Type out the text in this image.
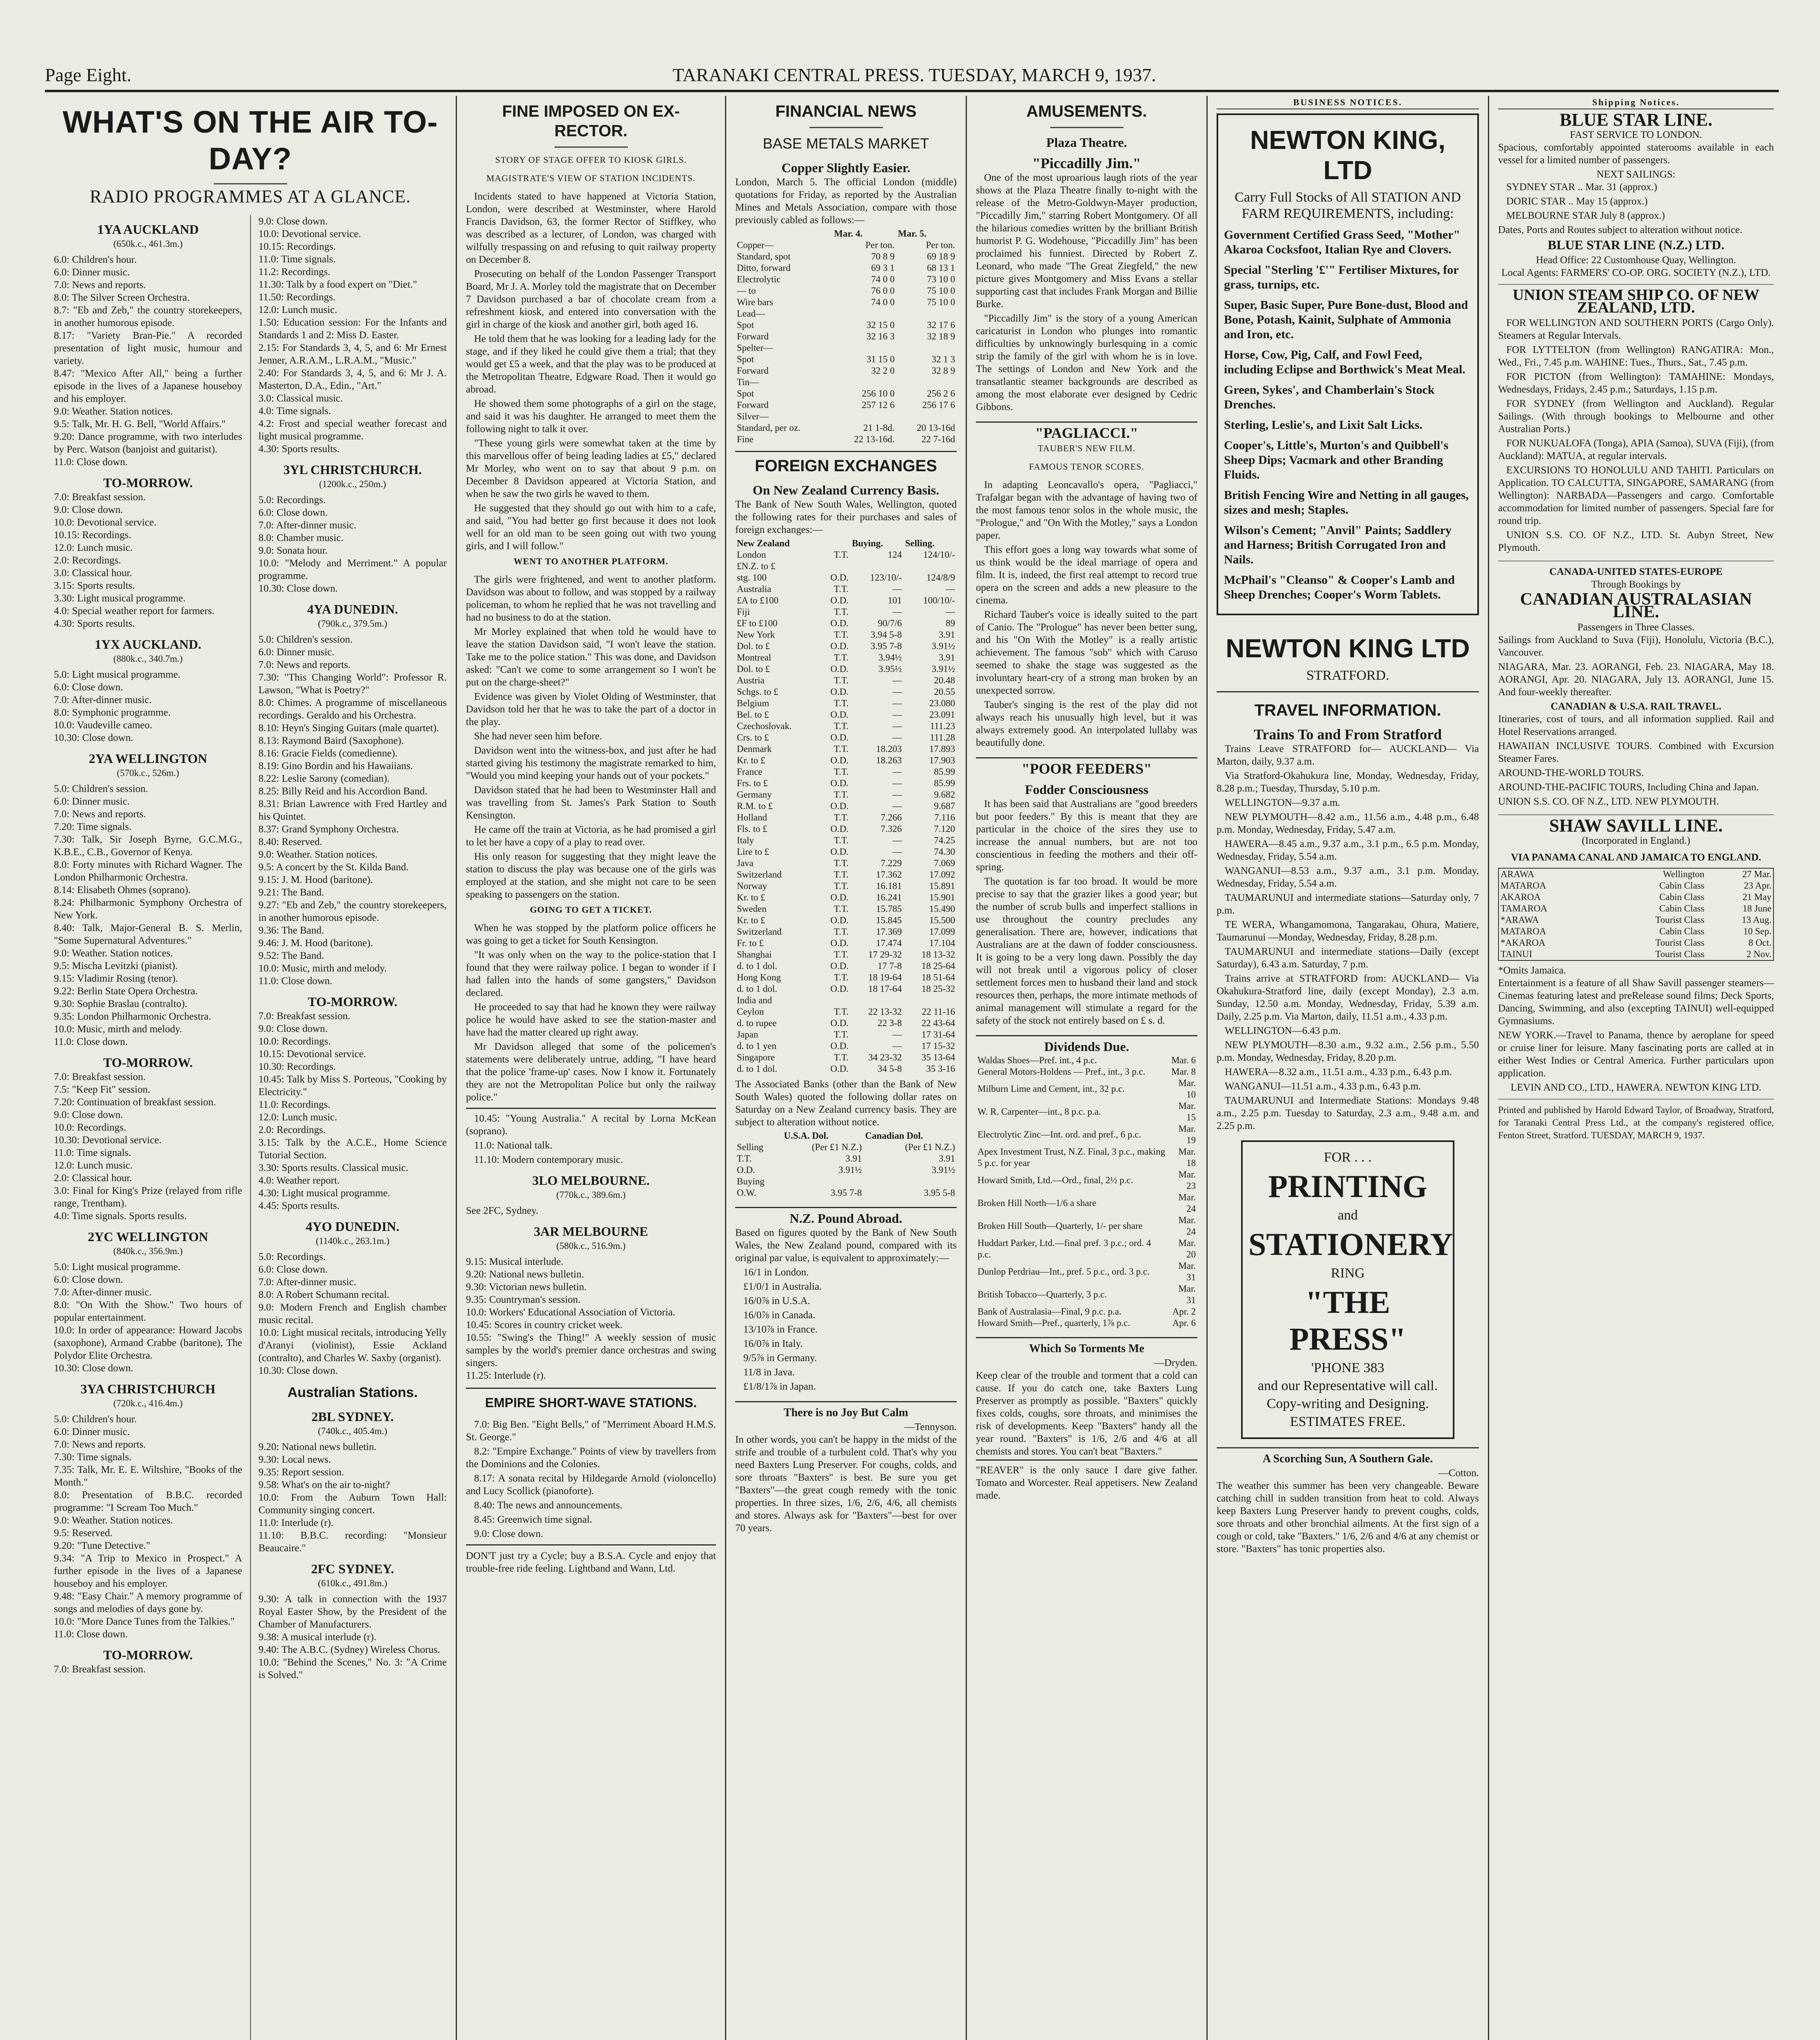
Page Eight.	TARANAKI CENTRAL PRESS. TUESDAY, MARCH 9, 1937.
WHAT'S ON THE AIR TO-DAY?
RADIO PROGRAMMES AT A GLANCE.
1YA AUCKLAND
(650k.c., 461.3m.)

6.0: Children's hour.

6.0: Dinner music.

7.0: News and reports.

8.0: The Silver Screen Orchestra.

8.7: "Eb and Zeb," the country storekeepers, in another humorous episode.

8.17: "Variety Bran-Pie." A recorded presentation of light music, humour and variety.

8.47: "Mexico After All," being a further episode in the lives of a Japanese houseboy and his employer.

9.0: Weather. Station notices.

9.5: Talk, Mr. H. G. Bell, "World Affairs."

9.20: Dance programme, with two interludes by Perc. Watson (banjoist and guitarist).

11.0: Close down.

TO-MORROW.

7.0: Breakfast session.

9.0: Close down.

10.0: Devotional service.

10.15: Recordings.

12.0: Lunch music.

2.0: Recordings.

3.0: Classical hour.

3.15: Sports results.

3.30: Light musical programme.

4.0: Special weather report for farmers.

4.30: Sports results.

1YX AUCKLAND.
(880k.c., 340.7m.)

5.0: Light musical programme.

6.0: Close down.

7.0: After-dinner music.

8.0: Symphonic programme.

10.0: Vaudeville cameo.

10.30: Close down.

2YA WELLINGTON
(570k.c., 526m.)

5.0: Children's session.

6.0: Dinner music.

7.0: News and reports.

7.20: Time signals.

7.30: Talk, Sir Joseph Byrne, G.C.M.G., K.B.E., C.B., Governor of Kenya.

8.0: Forty minutes with Richard Wagner. The London Philharmonic Orchestra.

8.14: Elisabeth Ohmes (soprano).

8.24: Philharmonic Symphony Orchestra of New York.

8.40: Talk, Major-General B. S. Merlin, "Some Supernatural Adventures."

9.0: Weather. Station notices.

9.5: Mischa Levitzki (pianist).

9.15: Vladimir Rosing (tenor).

9.22: Berlin State Opera Orchestra.

9.30: Sophie Braslau (contralto).

9.35: London Philharmonic Orchestra.

10.0: Music, mirth and melody.

11.0: Close down.

TO-MORROW.

7.0: Breakfast session.

7.5: "Keep Fit" session.

7.20: Continuation of breakfast session.

9.0: Close down.

10.0: Recordings.

10.30: Devotional service.

11.0: Time signals.

12.0: Lunch music.

2.0: Classical hour.

3.0: Final for King's Prize (relayed from rifle range, Trentham).

4.0: Time signals. Sports results.

2YC WELLINGTON
(840k.c., 356.9m.)

5.0: Light musical programme.

6.0: Close down.

7.0: After-dinner music.

8.0: "On With the Show." Two hours of popular entertainment.

10.0: In order of appearance: Howard Jacobs (saxophone), Armand Crabbe (baritone), The Polydor Elite Orchestra.

10.30: Close down.

3YA CHRISTCHURCH
(720k.c., 416.4m.)

5.0: Children's hour.

6.0: Dinner music.

7.0: News and reports.

7.30: Time signals.

7.35: Talk, Mr. E. E. Wiltshire, "Books of the Month."

8.0: Presentation of B.B.C. recorded programme: "I Scream Too Much."

9.0: Weather. Station notices.

9.5: Reserved.

9.20: "Tune Detective."

9.34: "A Trip to Mexico in Prospect." A further episode in the lives of a Japanese houseboy and his employer.

9.48: "Easy Chair." A memory programme of songs and melodies of days gone by.

10.0: "More Dance Tunes from the Talkies."

11.0: Close down.

TO-MORROW.

7.0: Breakfast session.

9.0: Close down.

10.0: Devotional service.

10.15: Recordings.

11.0: Time signals.

11.2: Recordings.

11.30: Talk by a food expert on "Diet."

11.50: Recordings.

12.0: Lunch music.

1.50: Education session: For the Infants and Standards 1 and 2: Miss D. Easter.

2.15: For Standards 3, 4, 5, and 6: Mr Ernest Jenner, A.R.A.M., L.R.A.M., "Music."

2.40: For Standards 3, 4, 5, and 6: Mr J. A. Masterton, D.A., Edin., "Art."

3.0: Classical music.

4.0: Time signals.

4.2: Frost and special weather forecast and light musical programme.

4.30: Sports results.

3YL CHRISTCHURCH.
(1200k.c., 250m.)

5.0: Recordings.

6.0: Close down.

7.0: After-dinner music.

8.0: Chamber music.

9.0: Sonata hour.

10.0: "Melody and Merriment." A popular programme.

10.30: Close down.

4YA DUNEDIN.
(790k.c., 379.5m.)

5.0: Children's session.

6.0: Dinner music.

7.0: News and reports.

7.30: "This Changing World": Professor R. Lawson, "What is Poetry?"

8.0: Chimes. A programme of miscellaneous recordings. Geraldo and his Orchestra.

8.10: Heyn's Singing Guitars (male quartet).

8.13: Raymond Baird (Saxophone).

8.16: Gracie Fields (comedienne).

8.19: Gino Bordin and his Hawaiians.

8.22: Leslie Sarony (comedian).

8.25: Billy Reid and his Accordion Band.

8.31: Brian Lawrence with Fred Hartley and his Quintet.

8.37: Grand Symphony Orchestra.

8.40: Reserved.

9.0: Weather. Station notices.

9.5: A concert by the St. Kilda Band.

9.15: J. M. Hood (baritone).

9.21: The Band.

9.27: "Eb and Zeb," the country storekeepers, in another humorous episode.

9.36: The Band.

9.46: J. M. Hood (baritone).

9.52: The Band.

10.0: Music, mirth and melody.

11.0: Close down.

TO-MORROW.

7.0: Breakfast session.

9.0: Close down.

10.0: Recordings.

10.15: Devotional service.

10.30: Recordings.

10.45: Talk by Miss S. Porteous, "Cooking by Electricity."

11.0: Recordings.

12.0: Lunch music.

2.0: Recordings.

3.15: Talk by the A.C.E., Home Science Tutorial Section.

3.30: Sports results. Classical music.

4.0: Weather report.

4.30: Light musical programme.

4.45: Sports results.

4YO DUNEDIN.
(1140k.c., 263.1m.)

5.0: Recordings.

6.0: Close down.

7.0: After-dinner music.

8.0: A Robert Schumann recital.

9.0: Modern French and English chamber music recital.

10.0: Light musical recitals, introducing Yelly d'Aranyi (violinist), Essie Ackland (contralto), and Charles W. Saxby (organist).

10.30: Close down.

Australian Stations.
2BL SYDNEY.
(740k.c., 405.4m.)

9.20: National news bulletin.

9.30: Local news.

9.35: Report session.

9.58: What's on the air to-night?

10.0: From the Auburn Town Hall: Community singing concert.

11.0: Interlude (r).

11.10: B.B.C. recording: "Monsieur Beaucaire."

2FC SYDNEY.
(610k.c., 491.8m.)

9.30: A talk in connection with the 1937 Royal Easter Show, by the President of the Chamber of Manufacturers.

9.38: A musical interlude (r).

9.40: The A.B.C. (Sydney) Wireless Chorus.

10.0: "Behind the Scenes," No. 3: "A Crime is Solved."

FINE IMPOSED ON EX-RECTOR.
STORY OF STAGE OFFER TO KIOSK GIRLS.
MAGISTRATE'S VIEW OF STATION INCIDENTS.

Incidents stated to have happened at Victoria Station, London, were described at Westminster, where Harold Francis Davidson, 63, the former Rector of Stiffkey, who was described as a lecturer, of London, was charged with wilfully trespassing on and refusing to quit railway property on December 8.

Prosecuting on behalf of the London Passenger Transport Board, Mr J. A. Morley told the magistrate that on December 7 Davidson purchased a bar of chocolate cream from a refreshment kiosk, and entered into conversation with the girl in charge of the kiosk and another girl, both aged 16.

He told them that he was looking for a leading lady for the stage, and if they liked he could give them a trial; that they would get £5 a week, and that the play was to be produced at the Metropolitan Theatre, Edgware Road. Then it would go abroad.

He showed them some photographs of a girl on the stage, and said it was his daughter. He arranged to meet them the following night to talk it over.

"These young girls were somewhat taken at the time by this marvellous offer of being leading ladies at £5," declared Mr Morley, who went on to say that about 9 p.m. on December 8 Davidson appeared at Victoria Station, and when he saw the two girls he waved to them.

He suggested that they should go out with him to a cafe, and said, "You had better go first because it does not look well for an old man to be seen going out with two young girls, and I will follow."

WENT TO ANOTHER PLATFORM.

The girls were frightened, and went to another platform. Davidson was about to follow, and was stopped by a railway policeman, to whom he replied that he was not travelling and had no business to do at the station.

Mr Morley explained that when told he would have to leave the station Davidson said, "I won't leave the station. Take me to the police station." This was done, and Davidson asked: "Can't we come to some arrangement so I won't be put on the charge-sheet?"

Evidence was given by Violet Olding of Westminster, that Davidson told her that he was to take the part of a doctor in the play.

She had never seen him before.

Davidson went into the witness-box, and just after he had started giving his testimony the magistrate remarked to him, "Would you mind keeping your hands out of your pockets."

Davidson stated that he had been to Westminster Hall and was travelling from St. James's Park Station to South Kensington.

He came off the train at Victoria, as he had promised a girl to let her have a copy of a play to read over.

His only reason for suggesting that they might leave the station to discuss the play was because one of the girls was employed at the station, and she might not care to be seen speaking to passengers on the station.

GOING TO GET A TICKET.

When he was stopped by the platform police officers he was going to get a ticket for South Kensington.

"It was only when on the way to the police-station that I found that they were railway police. I began to wonder if I had fallen into the hands of some gangsters," Davidson declared.

He proceeded to say that had he known they were railway police he would have asked to see the station-master and have had the matter cleared up right away.

Mr Davidson alleged that some of the policemen's statements were deliberately untrue, adding, "I have heard that the police 'frame-up' cases. Now I know it. Fortunately they are not the Metropolitan Police but only the railway police."

10.45: "Young Australia." A recital by Lorna McKean (soprano).

11.0: National talk.

11.10: Modern contemporary music.

3LO MELBOURNE.
(770k.c., 389.6m.)

See 2FC, Sydney.

3AR MELBOURNE
(580k.c., 516.9m.)

9.15: Musical interlude.

9.20: National news bulletin.

9.30: Victorian news bulletin.

9.35: Countryman's session.

10.0: Workers' Educational Association of Victoria.

10.45: Scores in country cricket week.

10.55: "Swing's the Thing!" A weekly session of music samples by the world's premier dance orchestras and swing singers.

11.25: Interlude (r).

EMPIRE SHORT-WAVE STATIONS.

7.0: Big Ben. "Eight Bells," of "Merriment Aboard H.M.S. St. George."

8.2: "Empire Exchange." Points of view by travellers from the Dominions and the Colonies.

8.17: A sonata recital by Hildegarde Arnold (violoncello) and Lucy Scollick (pianoforte).

8.40: The news and announcements.

8.45: Greenwich time signal.

9.0: Close down.

DON'T just try a Cycle; buy a B.S.A. Cycle and enjoy that trouble-free ride feeling. Lightband and Wann, Ltd.

FINANCIAL NEWS
BASE METALS MARKET
Copper Slightly Easier.

London, March 5. The official London (middle) quotations for Friday, as reported by the Australian Mines and Metals Association, compare with those previously cabled as follows:—

	Mar. 4.	Mar. 5.
Copper—	Per ton.	Per ton.
Standard, spot	70 8 9	69 18 9
Ditto, forward	69 3 1	68 13 1
Electrolytic	74 0 0	73 10 0
— to	76 0 0	75 10 0
Wire bars	74 0 0	75 10 0
Lead—		
Spot	32 15 0	32 17 6
Forward	32 16 3	32 18 9
Spelter—		
Spot	31 15 0	32 1 3
Forward	32 2 0	32 8 9
Tin—		
Spot	256 10 0	256 2 6
Forward	257 12 6	256 17 6
Silver—		
Standard, per oz.	21 1-8d.	20 13-16d
Fine	22 13-16d.	22 7-16d
FOREIGN EXCHANGES
On New Zealand Currency Basis.

The Bank of New South Wales, Wellington, quoted the following rates for their purchases and sales of foreign exchanges:—

New Zealand		Buying.	Selling.
London	T.T.	124	124/10/-
£N.Z. to £			
stg. 100	O.D.	123/10/-	124/8/9
Australia	T.T.	—	—
£A to £100	O.D.	101	100/10/-
Fiji	T.T.	—	—
£F to £100	O.D.	90/7/6	89
New York	T.T.	3.94 5-8	3.91
Dol. to £	O.D.	3.95 7-8	3.91½
Montreal	T.T.	3.94½	3.91
Dol. to £	O.D.	3.95½	3.91½
Austria	T.T.	—	20.48
Schgs. to £	O.D.	—	20.55
Belgium	T.T.	—	23.080
Bel. to £	O.D.	—	23.091
Czechoslovak.	T.T.	—	111.23
Crs. to £	O.D.	—	111.28
Denmark	T.T.	18.203	17.893
Kr. to £	O.D.	18.263	17.903
France	T.T.	—	85.99
Frs. to £	O.D.	—	85.99
Germany	T.T.	—	9.682
R.M. to £	O.D.	—	9.687
Holland	T.T.	7.266	7.116
Fls. to £	O.D.	7.326	7.120
Italy	T.T.	—	74.25
Lire to £	O.D.	—	74.30
Java	T.T.	7.229	7.069
Switzerland	T.T.	17.362	17.092
Norway	T.T.	16.181	15.891
Kr. to £	O.D.	16.241	15.901
Sweden	T.T.	15.785	15.490
Kr. to £	O.D.	15.845	15.500
Switzerland	T.T.	17.369	17.099
Fr. to £	O.D.	17.474	17.104
Shanghai	T.T.	17 29-32	18 13-32
d. to 1 dol.	O.D.	17 7-8	18 25-64
Hong Kong	T.T.	18 19-64	18 51-64
d. to 1 dol.	O.D.	18 17-64	18 25-32
India and			
Ceylon	T.T.	22 13-32	22 11-16
d. to rupee	O.D.	22 3-8	22 43-64
Japan	T.T.	—	17 31-64
d. to 1 yen	O.D.	—	17 15-32
Singapore	T.T.	34 23-32	35 13-64
d. to 1 dol.	O.D.	34 5-8	35 3-16

The Associated Banks (other than the Bank of New South Wales) quoted the following dollar rates on Saturday on a New Zealand currency basis. They are subject to alteration without notice.

	U.S.A. Dol.	Canadian Dol.
Selling	(Per £1 N.Z.)	(Per £1 N.Z.)
T.T.	3.91	3.91
O.D.	3.91½	3.91½
Buying		
O.W.	3.95 7-8	3.95 5-8
N.Z. Pound Abroad.

Based on figures quoted by the Bank of New South Wales, the New Zealand pound, compared with its original par value, is equivalent to approximately:—

16/1 in London.

£1/0/1 in Australia.

16/0⅞ in U.S.A.

16/0⅞ in Canada.

13/10⅞ in France.

16/0⅞ in Italy.

9/5⅞ in Germany.

11/8 in Java.

£1/8/1⅞ in Japan.

There is no Joy But Calm
—Tennyson.

In other words, you can't be happy in the midst of the strife and trouble of a turbulent cold. That's why you need Baxters Lung Preserver. For coughs, colds, and sore throats "Baxters" is best. Be sure you get "Baxters"—the great cough remedy with the tonic properties. In three sizes, 1/6, 2/6, 4/6, all chemists and stores. Always ask for "Baxters"—best for over 70 years.

AMUSEMENTS.
Plaza Theatre.
"Piccadilly Jim."

One of the most uproarious laugh riots of the year shows at the Plaza Theatre finally to-night with the release of the Metro-Goldwyn-Mayer production, "Piccadilly Jim," starring Robert Montgomery. Of all the hilarious comedies written by the brilliant British humorist P. G. Wodehouse, "Piccadilly Jim" has been proclaimed his funniest. Directed by Robert Z. Leonard, who made "The Great Ziegfeld," the new picture gives Montgomery and Miss Evans a stellar supporting cast that includes Frank Morgan and Billie Burke.

"Piccadilly Jim" is the story of a young American caricaturist in London who plunges into romantic difficulties by unknowingly burlesquing in a comic strip the family of the girl with whom he is in love. The settings of London and New York and the transatlantic steamer backgrounds are described as among the most elaborate ever designed by Cedric Gibbons.

"PAGLIACCI."
TAUBER'S NEW FILM.
FAMOUS TENOR SCORES.

In adapting Leoncavallo's opera, "Pagliacci," Trafalgar began with the advantage of having two of the most famous tenor solos in the whole music, the "Prologue," and "On With the Motley," says a London paper.

This effort goes a long way towards what some of us think would be the ideal marriage of opera and film. It is, indeed, the first real attempt to record true opera on the screen and adds a new pleasure to the cinema.

Richard Tauber's voice is ideally suited to the part of Canio. The "Prologue" has never been better sung, and his "On With the Motley" is a really artistic achievement. The famous "sob" which with Caruso seemed to shake the stage was suggested as the involuntary heart-cry of a strong man broken by an unexpected sorrow.

Tauber's singing is the rest of the play did not always reach his unusually high level, but it was always extremely good. An interpolated lullaby was beautifully done.

"POOR FEEDERS"
Fodder Consciousness

It has been said that Australians are "good breeders but poor feeders." By this is meant that they are particular in the choice of the sires they use to increase the annual numbers, but are not too conscientious in feeding the mothers and their off-spring.

The quotation is far too broad. It would be more precise to say that the grazier likes a good year; but the number of scrub bulls and imperfect stallions in use throughout the country precludes any generalisation. There are, however, indications that Australians are at the dawn of fodder consciousness. It is going to be a very long dawn. Possibly the day will not break until a vigorous policy of closer settlement forces men to husband their land and stock resources then, perhaps, the more intimate methods of animal management will stimulate a regard for the safety of the stock not entirely based on £ s. d.

Dividends Due.
Waldas Shoes—Pref. int., 4 p.c.	Mar. 6
General Motors-Holdens — Pref., int., 3 p.c.	Mar. 8
Milburn Lime and Cement, int., 32 p.c.	Mar. 10
W. R. Carpenter—int., 8 p.c. p.a.	Mar. 15
Electrolytic Zinc—Int. ord. and pref., 6 p.c.	Mar. 19
Apex Investment Trust, N.Z. Final, 3 p.c., making 5 p.c. for year	Mar. 18
Howard Smith, Ltd.—Ord., final, 2½ p.c.	Mar. 23
Broken Hill North—1/6 a share	Mar. 24
Broken Hill South—Quarterly, 1/- per share	Mar. 24
Huddart Parker, Ltd.—final pref. 3 p.c.; ord. 4 p.c.	Mar. 20
Dunlop Perdriau—Int., pref. 5 p.c., ord. 3 p.c.	Mar. 31
British Tobacco—Quarterly, 3 p.c.	Mar. 31
Bank of Australasia—Final, 9 p.c. p.a.	Apr. 2
Howard Smith—Pref., quarterly, 1⅞ p.c.	Apr. 6
Which So Torments Me
—Dryden.

Keep clear of the trouble and torment that a cold can cause. If you do catch one, take Baxters Lung Preserver as promptly as possible. "Baxters" quickly fixes colds, coughs, sore throats, and minimises the risk of developments. Keep "Baxters" handy all the year round. "Baxters" is 1/6, 2/6 and 4/6 at all chemists and stores. You can't beat "Baxters."

"REAVER" is the only sauce I dare give father. Tomato and Worcester. Real appetisers. New Zealand made.

BUSINESS NOTICES.
NEWTON KING, LTD
Carry Full Stocks of All STATION AND FARM REQUIREMENTS, including:
Government Certified Grass Seed, "Mother" Akaroa Cocksfoot, Italian Rye and Clovers.
Special "Sterling '£'" Fertiliser Mixtures, for grass, turnips, etc.
Super, Basic Super, Pure Bone-dust, Blood and Bone, Potash, Kainit, Sulphate of Ammonia and Iron, etc.
Horse, Cow, Pig, Calf, and Fowl Feed, including Eclipse and Borthwick's Meat Meal.
Green, Sykes', and Chamberlain's Stock Drenches.
Sterling, Leslie's, and Lixit Salt Licks.
Cooper's, Little's, Murton's and Quibbell's Sheep Dips; Vacmark and other Branding Fluids.
British Fencing Wire and Netting in all gauges, sizes and mesh; Staples.
Wilson's Cement; "Anvil" Paints; Saddlery and Harness; British Corrugated Iron and Nails.
McPhail's "Cleanso" & Cooper's Lamb and Sheep Drenches; Cooper's Worm Tablets.
NEWTON KING LTD
STRATFORD.
TRAVEL INFORMATION.
Trains To and From Stratford

Trains Leave STRATFORD for— AUCKLAND— Via Marton, daily, 9.37 a.m.

Via Stratford-Okahukura line, Monday, Wednesday, Friday, 8.28 p.m.; Tuesday, Thursday, 5.10 p.m.

WELLINGTON—9.37 a.m.

NEW PLYMOUTH—8.42 a.m., 11.56 a.m., 4.48 p.m., 6.48 p.m. Monday, Wednesday, Friday, 5.47 a.m.

HAWERA—8.45 a.m., 9.37 a.m., 3.1 p.m., 6.5 p.m. Monday, Wednesday, Friday, 5.54 a.m.

WANGANUI—8.53 a.m., 9.37 a.m., 3.1 p.m. Monday, Wednesday, Friday, 5.54 a.m.

TAUMARUNUI and intermediate stations—Saturday only, 7 p.m.

TE WERA, Whangamomona, Tangarakau, Ohura, Matiere, Taumarunui —Monday, Wednesday, Friday, 8.28 p.m.

TAUMARUNUI and intermediate stations—Daily (except Saturday), 6.43 a.m. Saturday, 7 p.m.

Trains arrive at STRATFORD from: AUCKLAND— Via Okahukura-Stratford line, daily (except Monday), 2.3 a.m. Sunday, 12.50 a.m. Monday, Wednesday, Friday, 5.39 a.m. Daily, 2.25 p.m. Via Marton, daily, 11.51 a.m., 4.33 p.m.

WELLINGTON—6.43 p.m.

NEW PLYMOUTH—8.30 a.m., 9.32 a.m., 2.56 p.m., 5.50 p.m. Monday, Wednesday, Friday, 8.20 p.m.

HAWERA—8.32 a.m., 11.51 a.m., 4.33 p.m., 6.43 p.m.

WANGANUI—11.51 a.m., 4.33 p.m., 6.43 p.m.

TAUMARUNUI and Intermediate Stations: Mondays 9.48 a.m., 2.25 p.m. Tuesday to Saturday, 2.3 a.m., 9.48 a.m. and 2.25 p.m.

FOR . . .
PRINTING
and
STATIONERY
RING
"THE PRESS"
'PHONE 383
and our Representative will call.
Copy-writing and Designing.
ESTIMATES FREE.
A Scorching Sun, A Southern Gale.
—Cotton.

The weather this summer has been very changeable. Beware catching chill in sudden transition from heat to cold. Always keep Baxters Lung Preserver handy to prevent coughs, colds, sore throats and other bronchial ailments. At the first sign of a cough or cold, take "Baxters." 1/6, 2/6 and 4/6 at any chemist or store. "Baxters" has tonic properties also.

Shipping Notices.
BLUE STAR LINE.
FAST SERVICE TO LONDON.

Spacious, comfortably appointed staterooms available in each vessel for a limited number of passengers.

NEXT SAILINGS:

SYDNEY STAR .. Mar. 31 (approx.)

DORIC STAR .. May 15 (approx.)

MELBOURNE STAR July 8 (approx.)

Dates, Ports and Routes subject to alteration without notice.

BLUE STAR LINE (N.Z.) LTD.
Head Office: 22 Customhouse Quay, Wellington.
Local Agents: FARMERS' CO-OP. ORG. SOCIETY (N.Z.), LTD.
UNION STEAM SHIP CO. OF NEW ZEALAND, LTD.

FOR WELLINGTON AND SOUTHERN PORTS (Cargo Only). Steamers at Regular Intervals.

FOR LYTTELTON (from Wellington) RANGATIRA: Mon., Wed., Fri., 7.45 p.m. WAHINE: Tues., Thurs., Sat., 7.45 p.m.

FOR PICTON (from Wellington): TAMAHINE: Mondays, Wednesdays, Fridays, 2.45 p.m.; Saturdays, 1.15 p.m.

FOR SYDNEY (from Wellington and Auckland). Regular Sailings. (With through bookings to Melbourne and other Australian Ports.)

FOR NUKUALOFA (Tonga), APIA (Samoa), SUVA (Fiji), (from Auckland): MATUA, at regular intervals.

EXCURSIONS TO HONOLULU AND TAHITI. Particulars on Application. TO CALCUTTA, SINGAPORE, SAMARANG (from Wellington): NARBADA—Passengers and cargo. Comfortable accommodation for limited number of passengers. Special fare for round trip.

UNION S.S. CO. OF N.Z., LTD. St. Aubyn Street, New Plymouth.

CANADA-UNITED STATES-EUROPE
Through Bookings by
CANADIAN AUSTRALASIAN LINE.
Passengers in Three Classes.

Sailings from Auckland to Suva (Fiji), Honolulu, Victoria (B.C.), Vancouver.

NIAGARA, Mar. 23. AORANGI, Feb. 23. NIAGARA, May 18. AORANGI, Apr. 20. NIAGARA, July 13. AORANGI, June 15. And four-weekly thereafter.

CANADIAN & U.S.A. RAIL TRAVEL.

Itineraries, cost of tours, and all information supplied. Rail and Hotel Reservations arranged.

HAWAIIAN INCLUSIVE TOURS. Combined with Excursion Steamer Fares.

AROUND-THE-WORLD TOURS.

AROUND-THE-PACIFIC TOURS, Including China and Japan.

UNION S.S. CO. OF N.Z., LTD. NEW PLYMOUTH.

SHAW SAVILL LINE.
(Incorporated in England.)
VIA PANAMA CANAL AND JAMAICA TO ENGLAND.
ARAWA	Wellington	27 Mar.
MATAROA	Cabin Class	23 Apr.
AKAROA	Cabin Class	21 May
TAMAROA	Cabin Class	18 June
*ARAWA	Tourist Class	13 Aug.
MATAROA	Cabin Class	10 Sep.
*AKAROA	Tourist Class	8 Oct.
TAINUI	Tourist Class	2 Nov.
*Omits Jamaica.

Entertainment is a feature of all Shaw Savill passenger steamers—Cinemas featuring latest and preRelease sound films; Deck Sports, Dancing, Swimming, and also (excepting TAINUI) well-equipped Gymnasiums.

NEW YORK.—Travel to Panama, thence by aeroplane for speed or cruise liner for leisure. Many fascinating ports are called at in either West Indies or Central America. Further particulars upon application.

LEVIN AND CO., LTD., HAWERA. NEWTON KING LTD.

Printed and published by Harold Edward Taylor, of Broadway, Stratford, for Taranaki Central Press Ltd., at the company's registered office, Fenton Street, Stratford. TUESDAY, MARCH 9, 1937.
